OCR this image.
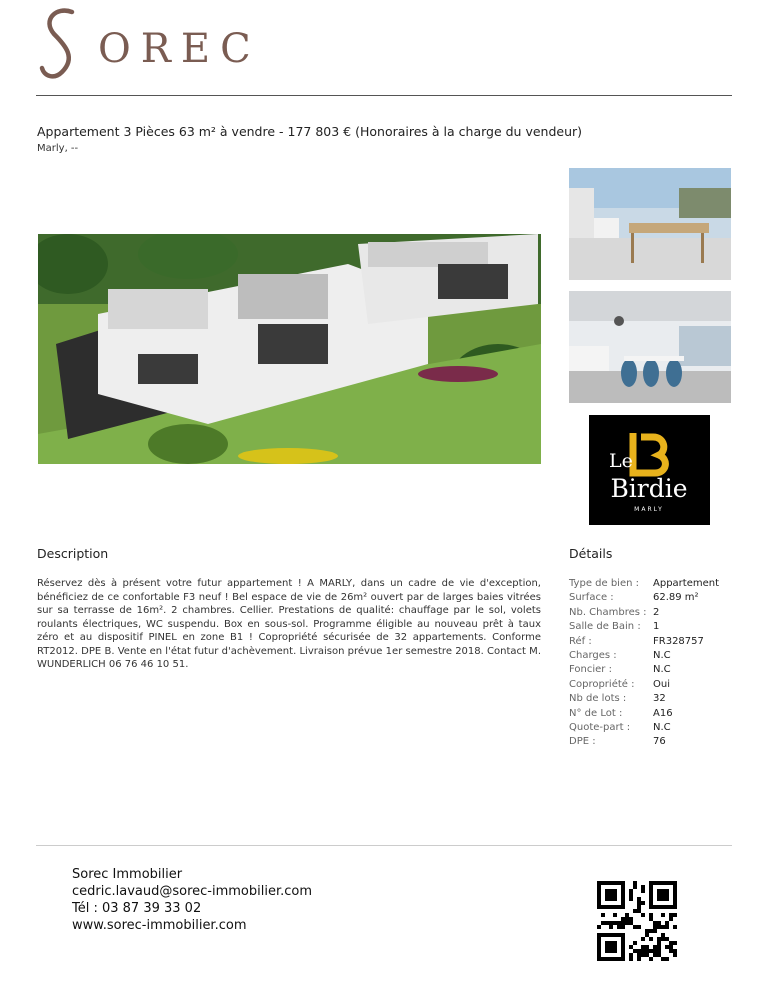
OREC
Appartement 3 Pièces 63 m² à vendre - 177 803 € (Honoraires à la charge du vendeur)
Marly, --
Le
Birdie
MARLY
Description
Réservez dès à présent votre futur appartement ! A MARLY, dans un cadre de vie d'exception, bénéficiez de ce confortable F3 neuf ! Bel espace de vie de 26m² ouvert par de larges baies vitrées sur sa terrasse de 16m². 2 chambres. Cellier. Prestations de qualité: chauffage par le sol, volets roulants électriques, WC suspendu. Box en sous-sol. Programme éligible au nouveau prêt à taux zéro et au dispositif PINEL en zone B1 ! Copropriété sécurisée de 32 appartements. Conforme RT2012. DPE B. Vente en l'état futur d'achèvement. Livraison prévue 1er semestre 2018. Contact M. WUNDERLICH 06 76 46 10 51.
Détails
Type de bien :	Appartement
Surface :	62.89 m²
Nb. Chambres : 2
Salle de Bain :	1
Réf :	FR328757
Charges :	N.C
Foncier :	N.C
Copropriété :	Oui
Nb de lots :	32
N° de Lot :	A16
Quote-part :	N.C
DPE :	76
Sorec Immobilier
cedric.lavaud@sorec-immobilier.com
Tél : 03 87 39 33 02
www.sorec-immobilier.com
